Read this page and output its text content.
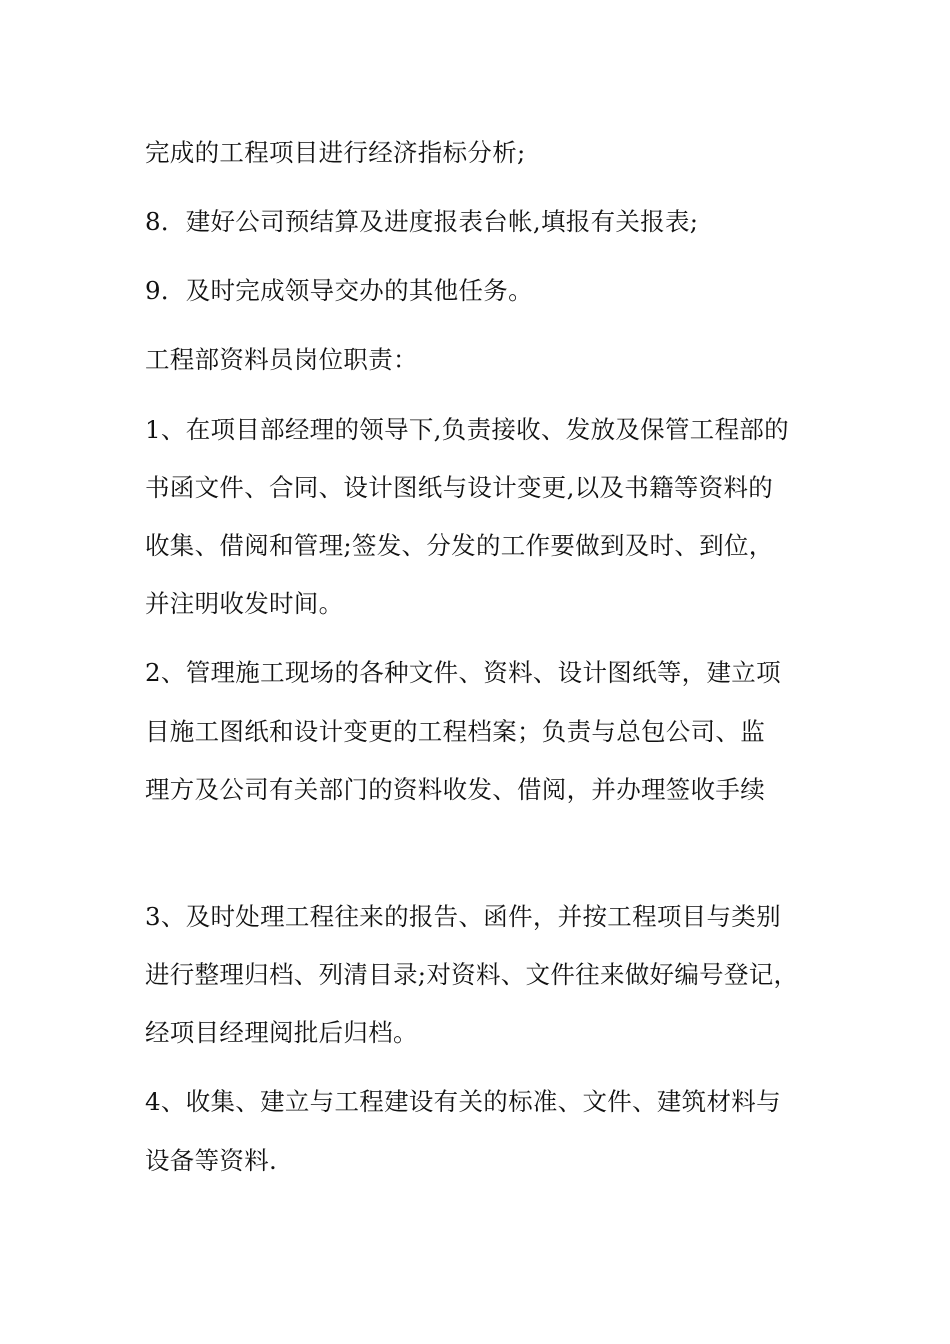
完成的工程项目进行经济指标分析;
8．建好公司预结算及进度报表台帐,填报有关报表;
9．及时完成领导交办的其他任务。
工程部资料员岗位职责：
1、在项目部经理的领导下,负责接收、发放及保管工程部的
书函文件、合同、设计图纸与设计变更,以及书籍等资料的
收集、借阅和管理;签发、分发的工作要做到及时、到位，
并注明收发时间。
2、管理施工现场的各种文件、资料、设计图纸等，建立项
目施工图纸和设计变更的工程档案；负责与总包公司、监
理方及公司有关部门的资料收发、借阅，并办理签收手续
3、及时处理工程往来的报告、函件，并按工程项目与类别
进行整理归档、列清目录;对资料、文件往来做好编号登记，
经项目经理阅批后归档。
4、收集、建立与工程建设有关的标准、文件、建筑材料与
设备等资料.
